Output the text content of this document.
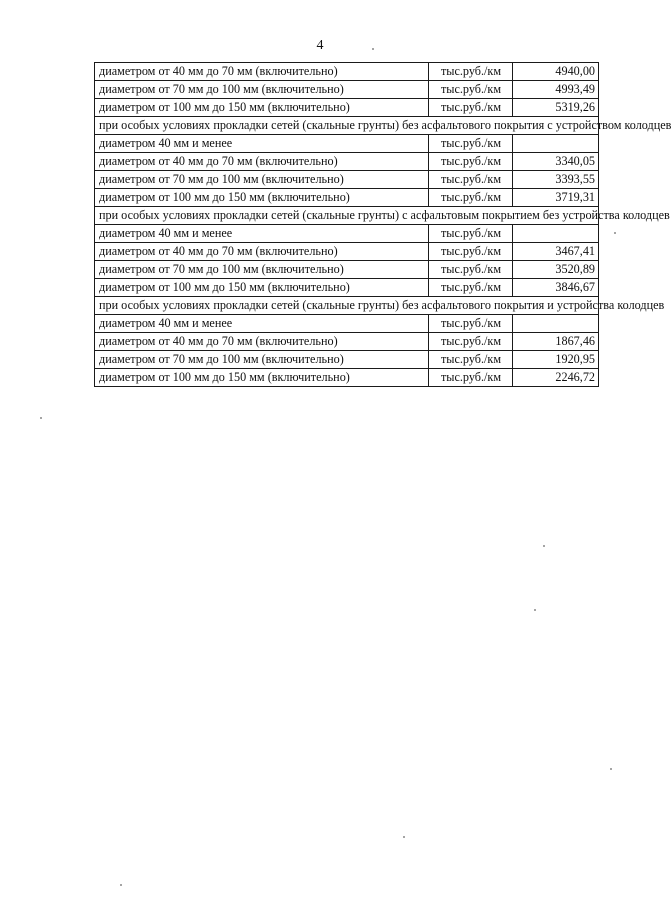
4
диаметром от 40 мм до 70 мм (включительно)	тыс.руб./км	4940,00
диаметром от 70 мм до 100 мм (включительно)	тыс.руб./км	4993,49
диаметром от 100 мм до 150 мм (включительно)	тыс.руб./км	5319,26
при особых условиях прокладки сетей (скальные грунты) без асфальтового покрытия с устройством колодцев		
диаметром 40 мм и менее	тыс.руб./км	
диаметром от 40 мм до 70 мм (включительно)	тыс.руб./км	3340,05
диаметром от 70 мм до 100 мм (включительно)	тыс.руб./км	3393,55
диаметром от 100 мм до 150 мм (включительно)	тыс.руб./км	3719,31
при особых условиях прокладки сетей (скальные грунты) с асфальтовым покрытием без устройства колодцев		
диаметром 40 мм и менее	тыс.руб./км	
диаметром от 40 мм до 70 мм (включительно)	тыс.руб./км	3467,41
диаметром от 70 мм до 100 мм (включительно)	тыс.руб./км	3520,89
диаметром от 100 мм до 150 мм (включительно)	тыс.руб./км	3846,67
при особых условиях прокладки сетей (скальные грунты) без асфальтового покрытия и устройства колодцев		
диаметром 40 мм и менее	тыс.руб./км	
диаметром от 40 мм до 70 мм (включительно)	тыс.руб./км	1867,46
диаметром от 70 мм до 100 мм (включительно)	тыс.руб./км	1920,95
диаметром от 100 мм до 150 мм (включительно)	тыс.руб./км	2246,72
